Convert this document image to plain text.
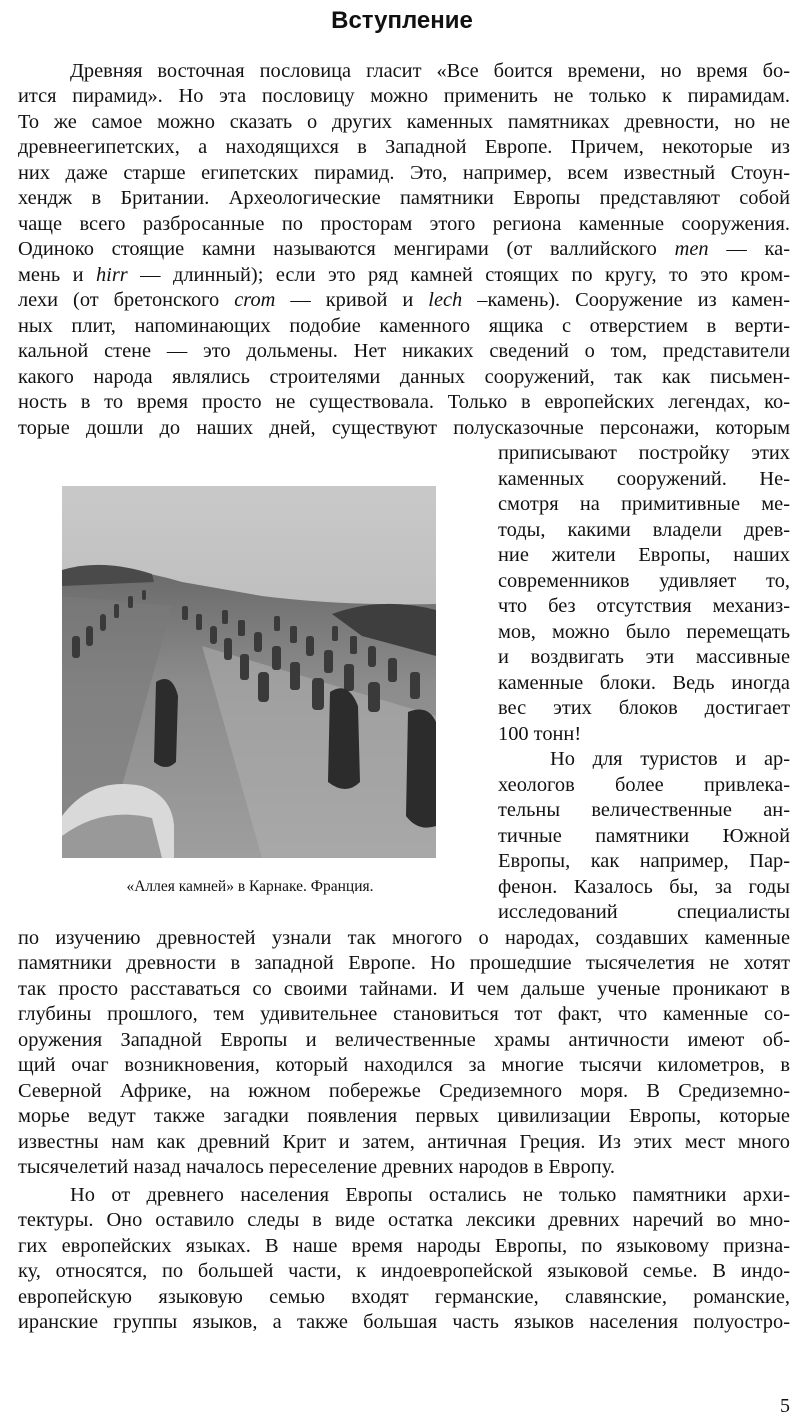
Вступление
Древняя восточная пословица гласит «Все боится времени, но время бо-
ится пирамид». Но эта пословицу можно применить не только к пирамидам.
То же самое можно сказать о других каменных памятниках древности, но не
древнеегипетских, а находящихся в Западной Европе. Причем, некоторые из
них даже старше египетских пирамид. Это, например, всем известный Стоун-
хендж в Британии. Археологические памятники Европы представляют собой
чаще всего разбросанные по просторам этого региона каменные сооружения.
Одиноко стоящие камни называются менгирами (от валлийского men — ка-
мень и hirr — длинный); если это ряд камней стоящих по кругу, то это кром-
лехи (от бретонского crom — кривой и lech –камень). Сооружение из камен-
ных плит, напоминающих подобие каменного ящика с отверстием в верти-
кальной стене — это дольмены. Нет никаких сведений о том, представители
какого народа являлись строителями данных сооружений, так как письмен-
ность в то время просто не существовала. Только в европейских легендах, ко-
торые дошли до наших дней, существуют полусказочные персонажи, которым
приписывают постройку этих
каменных сооружений. Не-
смотря на примитивные ме-
тоды, какими владели древ-
ние жители Европы, наших
современников удивляет то,
что без отсутствия механиз-
мов, можно было перемещать
и воздвигать эти массивные
каменные блоки. Ведь иногда
вес этих блоков достигает
100 тонн!
Но для туристов и ар-
хеологов более привлека-
тельны величественные ан-
тичные памятники Южной
Европы, как например, Пар-
фенон. Казалось бы, за годы
исследований специалисты
«Аллея камней» в Карнаке. Франция.
по изучению древностей узнали так многого о народах, создавших каменные
памятники древности в западной Европе. Но прошедшие тысячелетия не хотят
так просто расставаться со своими тайнами. И чем дальше ученые проникают в
глубины прошлого, тем удивительнее становиться тот факт, что каменные со-
оружения Западной Европы и величественные храмы античности имеют об-
щий очаг возникновения, который находился за многие тысячи километров, в
Северной Африке, на южном побережье Средиземного моря. В Средиземно-
морье ведут также загадки появления первых цивилизации Европы, которые
известны нам как древний Крит и затем, античная Греция. Из этих мест много
тысячелетий назад началось переселение древних народов в Европу.
Но от древнего населения Европы остались не только памятники архи-
тектуры. Оно оставило следы в виде остатка лексики древних наречий во мно-
гих европейских языках. В наше время народы Европы, по языковому призна-
ку, относятся, по большей части, к индоевропейской языковой семье. В индо-
европейскую языковую семью входят германские, славянские, романские,
иранские группы языков, а также большая часть языков населения полуостро-
5
